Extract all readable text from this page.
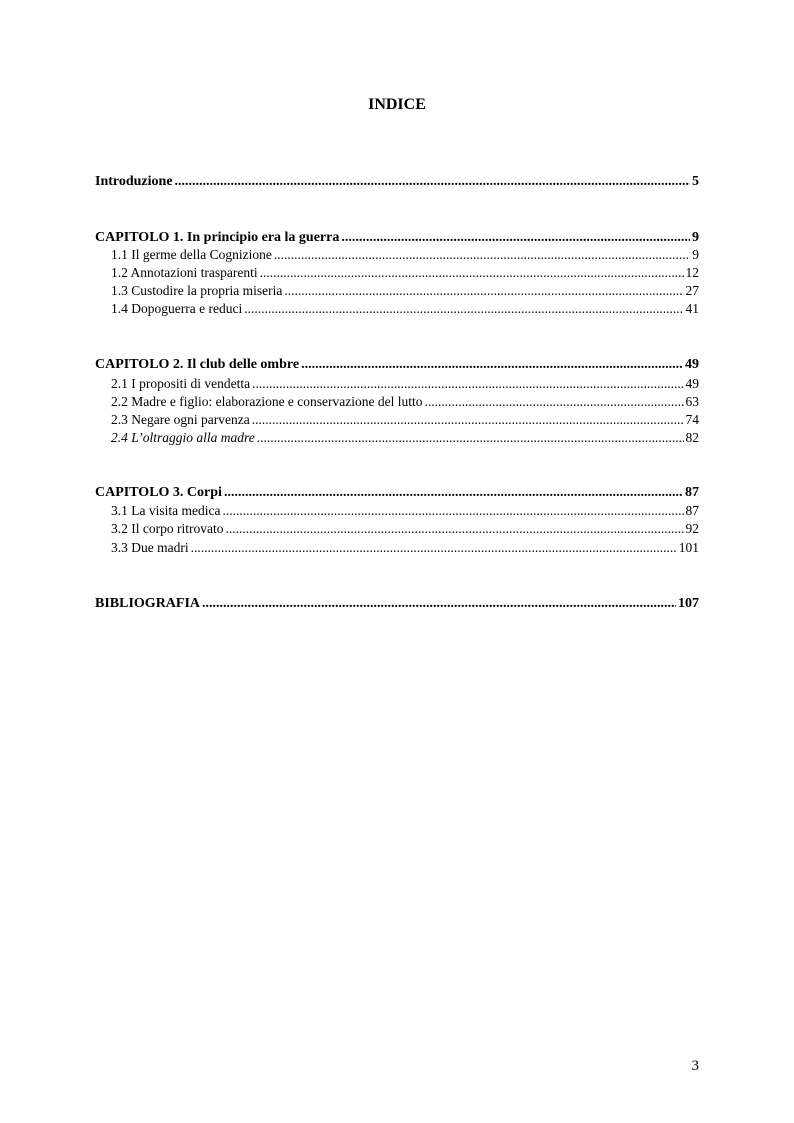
INDICE
Introduzione .....	5
CAPITOLO 1. In principio era la guerra .....	9
1.1 Il germe della Cognizione .....	9
1.2 Annotazioni trasparenti .....	12
1.3 Custodire la propria miseria .....	27
1.4 Dopoguerra e reduci .....	41
CAPITOLO 2. Il club delle ombre .....	49
2.1 I propositi di vendetta .....	49
2.2 Madre e figlio: elaborazione e conservazione del lutto .....	63
2.3 Negare ogni parvenza .....	74
2.4 L’oltraggio alla madre .....	82
CAPITOLO 3. Corpi .....	87
3.1 La visita medica .....	87
3.2 Il corpo ritrovato .....	92
3.3 Due madri .....	101
BIBLIOGRAFIA .....	107
3
